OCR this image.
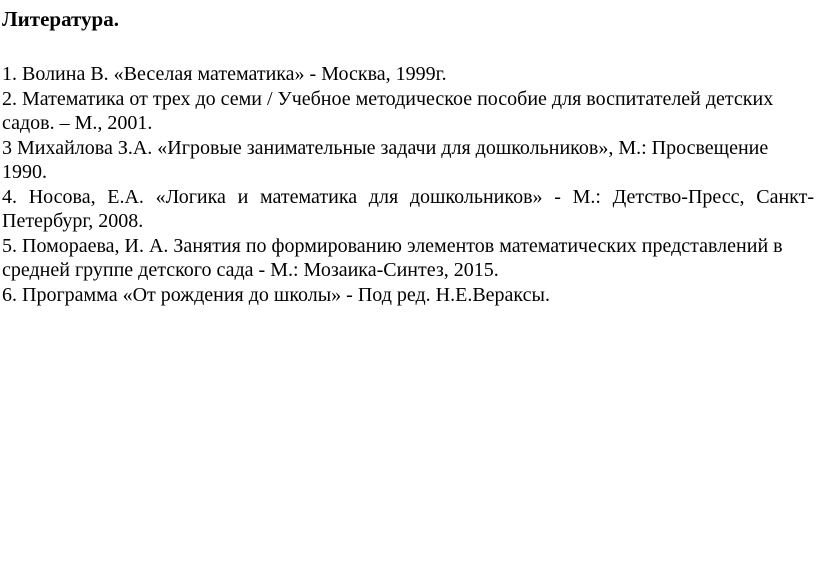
Литература.
1. Волина В. «Веселая математика» - Москва, 1999г.
2. Математика от трех до семи / Учебное методическое пособие для воспитателей детских садов. – М., 2001.
3 Михайлова З.А. «Игровые занимательные задачи для дошкольников», М.: Просвещение 1990.
4. Носова, Е.А. «Логика и математика для дошкольников» - М.: Детство-Пресс, Санкт-Петербург, 2008.
5. Помораева, И. А. Занятия по формированию элементов математических представлений в средней группе детского сада - М.: Мозаика-Синтез, 2015.
6. Программа «От рождения до школы» - Под ред. Н.Е.Вераксы.
